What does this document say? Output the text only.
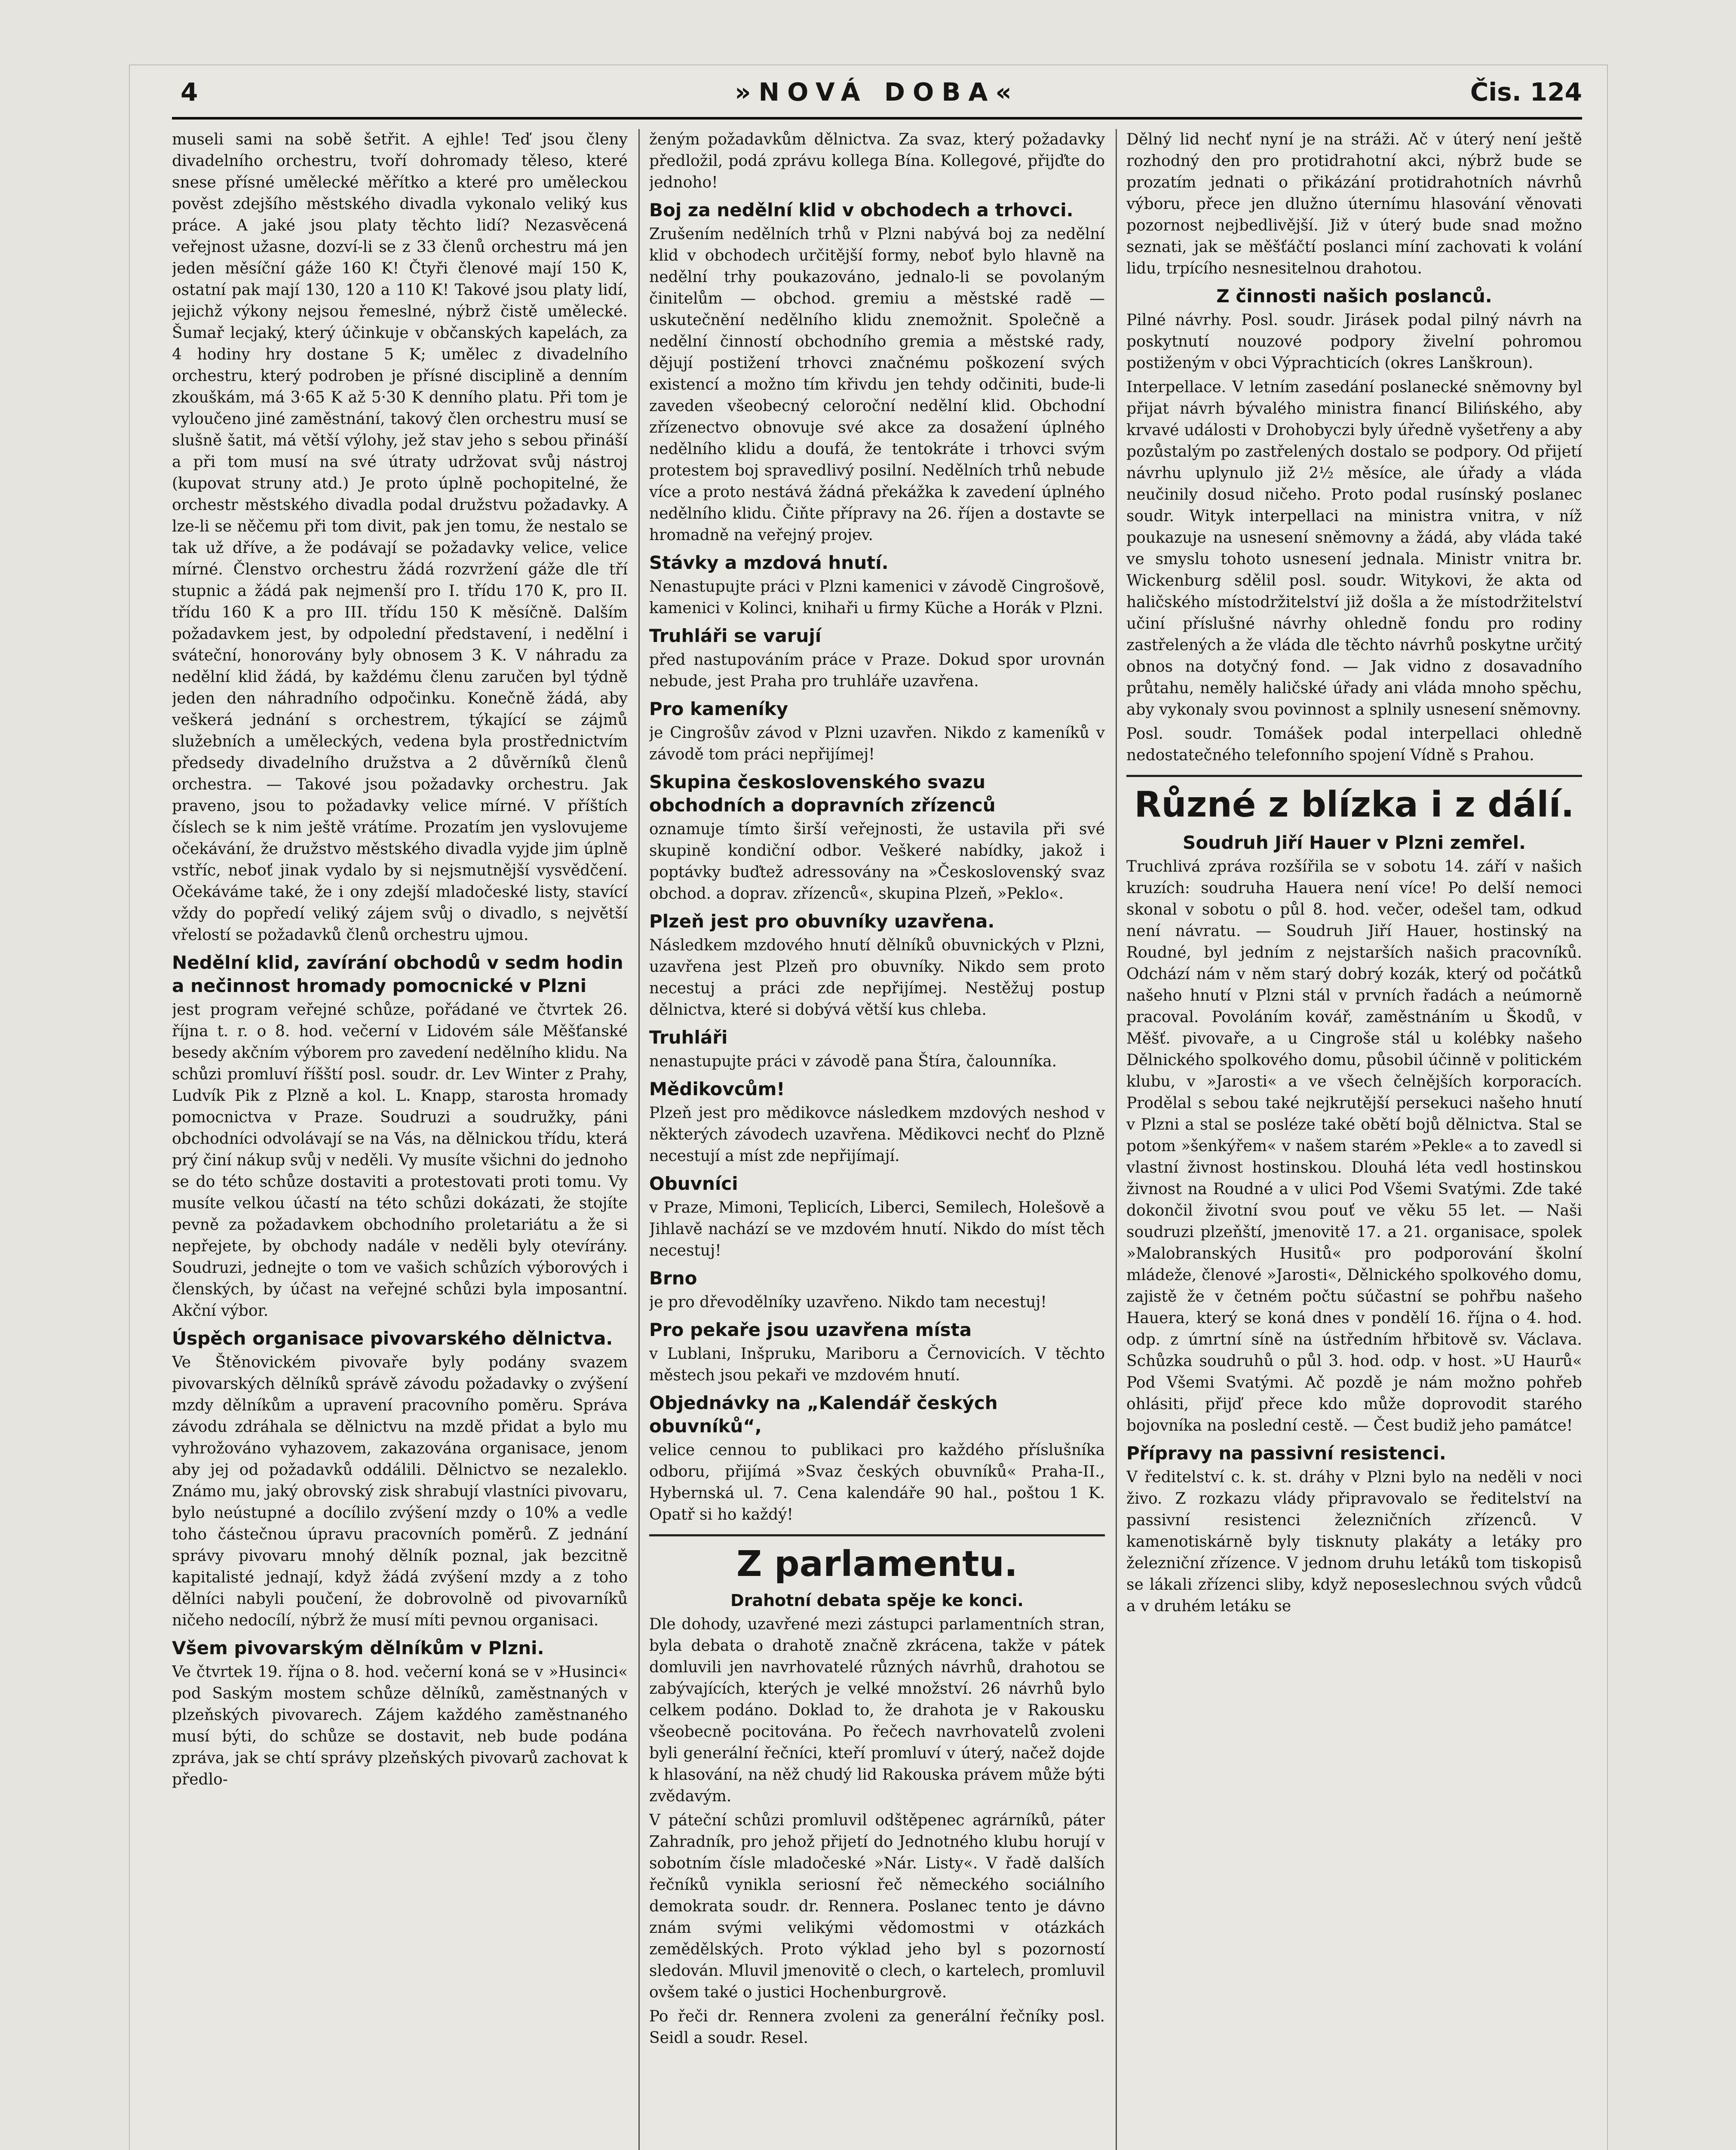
4	»NOVÁ DOBA«	Čis. 124

museli sami na sobě šetřit. A ejhle! Teď jsou členy divadelního orchestru, tvoří dohromady těleso, které snese přísné umělecké měřítko a které pro uměleckou pověst zdejšího městského divadla vykonalo veliký kus práce. A jaké jsou platy těchto lidí? Nezasvěcená veřejnost užasne, dozví-li se z 33 členů orchestru má jen jeden měsíční gáže 160 K! Čtyři členové mají 150 K, ostatní pak mají 130, 120 a 110 K! Takové jsou platy lidí, jejichž výkony nejsou řemeslné, nýbrž čistě umělecké. Šumař lecjaký, který účinkuje v občanských kapelách, za 4 hodiny hry dostane 5 K; umělec z divadelního orchestru, který podroben je přísné disciplině a denním zkouškám, má 3·65 K až 5·30 K denního platu. Při tom je vyloučeno jiné zaměstnání, takový člen orchestru musí se slušně šatit, má větší výlohy, jež stav jeho s sebou přináší a při tom musí na své útraty udržovat svůj nástroj (kupovat struny atd.) Je proto úplně pochopitelné, že orchestr městského divadla podal družstvu požadavky. A lze-li se něčemu při tom divit, pak jen tomu, že nestalo se tak už dříve, a že podávají se požadavky velice, velice mírné. Členstvo orchestru žádá rozvržení gáže dle tří stupnic a žádá pak nejmenší pro I. třídu 170 K, pro II. třídu 160 K a pro III. třídu 150 K měsíčně. Dalším požadavkem jest, by odpolední představení, i nedělní i sváteční, honorovány byly obnosem 3 K. V náhradu za nedělní klid žádá, by každému členu zaručen byl týdně jeden den náhradního odpočinku. Konečně žádá, aby veškerá jednání s orchestrem, týkající se zájmů služebních a uměleckých, vedena byla prostřednictvím předsedy divadelního družstva a 2 důvěrníků členů orchestra. — Takové jsou požadavky orchestru. Jak praveno, jsou to požadavky velice mírné. V příštích číslech se k nim ještě vrátíme. Prozatím jen vyslovujeme očekávání, že družstvo městského divadla vyjde jim úplně vstříc, neboť jinak vydalo by si nejsmutnější vysvědčení. Očekáváme také, že i ony zdejší mladočeské listy, stavící vždy do popředí veliký zájem svůj o divadlo, s největší vřelostí se požadavků členů orchestru ujmou.

Nedělní klid, zavírání obchodů v sedm hodin a nečinnost hromady pomocnické v Plzni

jest program veřejné schůze, pořádané ve čtvrtek 26. října t. r. o 8. hod. večerní v Lidovém sále Měšťanské besedy akčním výborem pro zavedení nedělního klidu. Na schůzi promluví říšští posl. soudr. dr. Lev Winter z Prahy, Ludvík Pik z Plzně a kol. L. Knapp, starosta hromady pomocnictva v Praze. Soudruzi a soudružky, páni obchodníci odvolávají se na Vás, na dělnickou třídu, která prý činí nákup svůj v neděli. Vy musíte všichni do jednoho se do této schůze dostaviti a protestovati proti tomu. Vy musíte velkou účastí na této schůzi dokázati, že stojíte pevně za požadavkem obchodního proletariátu a že si nepřejete, by obchody nadále v neděli byly otevírány. Soudruzi, jednejte o tom ve vašich schůzích výborových i členských, by účast na veřejné schůzi byla imposantní. Akční výbor.

Úspěch organisace pivovarského dělnictva.

Ve Štěnovickém pivovaře byly podány svazem pivovarských dělníků správě závodu požadavky o zvýšení mzdy dělníkům a upravení pracovního poměru. Správa závodu zdráhala se dělnictvu na mzdě přidat a bylo mu vyhrožováno vyhazovem, zakazována organisace, jenom aby jej od požadavků oddálili. Dělnictvo se nezaleklo. Známo mu, jaký obrovský zisk shrabují vlastníci pivovaru, bylo neústupné a docílilo zvýšení mzdy o 10% a vedle toho částečnou úpravu pracovních poměrů. Z jednání správy pivovaru mnohý dělník poznal, jak bezcitně kapitalisté jednají, když žádá zvýšení mzdy a z toho dělníci nabyli poučení, že dobrovolně od pivovarníků ničeho nedocílí, nýbrž že musí míti pevnou organisaci.

Všem pivovarským dělníkům v Plzni.

Ve čtvrtek 19. října o 8. hod. večerní koná se v »Husinci« pod Saským mostem schůze dělníků, zaměstnaných v plzeňských pivovarech. Zájem každého zaměstnaného musí býti, do schůze se dostavit, neb bude podána zpráva, jak se chtí správy plzeňských pivovarů zachovat k předlo-

ženým požadavkům dělnictva. Za svaz, který požadavky předložil, podá zprávu kollega Bína. Kollegové, přijďte do jednoho!

Boj za nedělní klid v obchodech a trhovci.

Zrušením nedělních trhů v Plzni nabývá boj za nedělní klid v obchodech určitější formy, neboť bylo hlavně na nedělní trhy poukazováno, jednalo-li se povolaným činitelům — obchod. gremiu a městské radě — uskutečnění nedělního klidu znemožnit. Společně a nedělní činností obchodního gremia a městské rady, dějují postižení trhovci značnému poškození svých existencí a možno tím křivdu jen tehdy odčiniti, bude-li zaveden všeobecný celoroční nedělní klid. Obchodní zřízenectvo obnovuje své akce za dosažení úplného nedělního klidu a doufá, že tentokráte i trhovci svým protestem boj spravedlivý posilní. Nedělních trhů nebude více a proto nestává žádná překážka k zavedení úplného nedělního klidu. Čiňte přípravy na 26. říjen a dostavte se hromadně na veřejný projev.

Stávky a mzdová hnutí.

Nenastupujte práci v Plzni kamenici v závodě Cingrošově, kamenici v Kolinci, knihaři u firmy Küche a Horák v Plzni.

Truhláři se varují

před nastupováním práce v Praze. Dokud spor urovnán nebude, jest Praha pro truhláře uzavřena.

Pro kameníky

je Cingrošův závod v Plzni uzavřen. Nikdo z kameníků v závodě tom práci nepřijímej!

Skupina československého svazu obchodních a dopravních zřízenců

oznamuje tímto širší veřejnosti, že ustavila při své skupině kondiční odbor. Veškeré nabídky, jakož i poptávky buďtež adressovány na »Československý svaz obchod. a doprav. zřízenců«, skupina Plzeň, »Peklo«.

Plzeň jest pro obuvníky uzavřena.

Následkem mzdového hnutí dělníků obuvnických v Plzni, uzavřena jest Plzeň pro obuvníky. Nikdo sem proto necestuj a práci zde nepřijímej. Nestěžuj postup dělnictva, které si dobývá větší kus chleba.

Truhláři

nenastupujte práci v závodě pana Štíra, čalounníka.

Mědikovcům!

Plzeň jest pro mědikovce následkem mzdových neshod v některých závodech uzavřena. Mědikovci nechť do Plzně necestují a míst zde nepřijímají.

Obuvníci

v Praze, Mimoni, Teplicích, Liberci, Semilech, Holešově a Jihlavě nachází se ve mzdovém hnutí. Nikdo do míst těch necestuj!

Brno

je pro dřevodělníky uzavřeno. Nikdo tam necestuj!

Pro pekaře jsou uzavřena místa

v Lublani, Inšpruku, Mariboru a Černovicích. V těchto městech jsou pekaři ve mzdovém hnutí.

Objednávky na „Kalendář českých obuvníků“,

velice cennou to publikaci pro každého příslušníka odboru, přijímá »Svaz českých obuvníků« Praha-II., Hybernská ul. 7. Cena kalendáře 90 hal., poštou 1 K. Opatř si ho každý!

Z parlamentu.
Drahotní debata spěje ke konci.

Dle dohody, uzavřené mezi zástupci parlamentních stran, byla debata o drahotě značně zkrácena, takže v pátek domluvili jen navrhovatelé různých návrhů, drahotou se zabývajících, kterých je velké množství. 26 návrhů bylo celkem podáno. Doklad to, že drahota je v Rakousku všeobecně pocitována. Po řečech navrhovatelů zvoleni byli generální řečníci, kteří promluví v úterý, načež dojde k hlasování, na něž chudý lid Rakouska právem může býti zvědavým.

V páteční schůzi promluvil odštěpenec agrárníků, páter Zahradník, pro jehož přijetí do Jednotného klubu horují v sobotním čísle mladočeské »Nár. Listy«. V řadě dalších řečníků vynikla seriosní řeč německého sociálního demokrata soudr. dr. Rennera. Poslanec tento je dávno znám svými velikými vědomostmi v otázkách zemědělských. Proto výklad jeho byl s pozorností sledován. Mluvil jmenovitě o clech, o kartelech, promluvil ovšem také o justici Hochenburgrově.

Po řeči dr. Rennera zvoleni za generální řečníky posl. Seidl a soudr. Resel.

Dělný lid nechť nyní je na stráži. Ač v úterý není ještě rozhodný den pro protidrahotní akci, nýbrž bude se prozatím jednati o přikázání protidrahotních návrhů výboru, přece jen dlužno úternímu hlasování věnovati pozornost nejbedlivější. Již v úterý bude snad možno seznati, jak se měšťáčtí poslanci míní zachovati k volání lidu, trpícího nesnesitelnou drahotou.

Z činnosti našich poslanců.

Pilné návrhy. Posl. soudr. Jirásek podal pilný návrh na poskytnutí nouzové podpory živelní pohromou postiženým v obci Výprachticích (okres Lanškroun).

Interpellace. V letním zasedání poslanecké sněmovny byl přijat návrh bývalého ministra financí Bilińského, aby krvavé události v Drohobyczi byly úředně vyšetřeny a aby pozůstalým po zastřelených dostalo se podpory. Od přijetí návrhu uplynulo již 2½ měsíce, ale úřady a vláda neučinily dosud ničeho. Proto podal rusínský poslanec soudr. Wityk interpellaci na ministra vnitra, v níž poukazuje na usnesení sněmovny a žádá, aby vláda také ve smyslu tohoto usnesení jednala. Ministr vnitra br. Wickenburg sdělil posl. soudr. Witykovi, že akta od haličského místodržitelství již došla a že místodržitelství učiní příslušné návrhy ohledně fondu pro rodiny zastřelených a že vláda dle těchto návrhů poskytne určitý obnos na dotyčný fond. — Jak vidno z dosavadního průtahu, neměly haličské úřady ani vláda mnoho spěchu, aby vykonaly svou povinnost a splnily usnesení sněmovny.

Posl. soudr. Tomášek podal interpellaci ohledně nedostatečného telefonního spojení Vídně s Prahou.

Různé z blízka i z dálí.
Soudruh Jiří Hauer v Plzni zemřel.

Truchlivá zpráva rozšířila se v sobotu 14. září v našich kruzích: soudruha Hauera není více! Po delší nemoci skonal v sobotu o půl 8. hod. večer, odešel tam, odkud není návratu. — Soudruh Jiří Hauer, hostinský na Roudné, byl jedním z nejstarších našich pracovníků. Odchází nám v něm starý dobrý kozák, který od počátků našeho hnutí v Plzni stál v prvních řadách a neúmorně pracoval. Povoláním kovář, zaměstnáním u Škodů, v Měšť. pivovaře, a u Cingroše stál u kolébky našeho Dělnického spolkového domu, působil účinně v politickém klubu, v »Jarosti« a ve všech čelnějších korporacích. Prodělal s sebou také nejkrutější persekuci našeho hnutí v Plzni a stal se posléze také obětí bojů dělnictva. Stal se potom »šenkýřem« v našem starém »Pekle« a to zavedl si vlastní živnost hostinskou. Dlouhá léta vedl hostinskou živnost na Roudné a v ulici Pod Všemi Svatými. Zde také dokončil životní svou pouť ve věku 55 let. — Naši soudruzi plzeňští, jmenovitě 17. a 21. organisace, spolek »Malobranských Husitů« pro podporování školní mládeže, členové »Jarosti«, Dělnického spolkového domu, zajistě že v četném počtu súčastní se pohřbu našeho Hauera, který se koná dnes v pondělí 16. října o 4. hod. odp. z úmrtní síně na ústředním hřbitově sv. Václava. Schůzka soudruhů o půl 3. hod. odp. v host. »U Haurů« Pod Všemi Svatými. Ač pozdě je nám možno pohřeb ohlásiti, přijď přece kdo může doprovodit starého bojovníka na poslední cestě. — Čest budiž jeho památce!

Přípravy na passivní resistenci.

V ředitelství c. k. st. dráhy v Plzni bylo na neděli v noci živo. Z rozkazu vlády připravovalo se ředitelství na passivní resistenci železničních zřízenců. V kamenotiskárně byly tisknuty plakáty a letáky pro železniční zřízence. V jednom druhu letáků tom tiskopisů se lákali zřízenci sliby, když neposeslechnou svých vůdců a v druhém letáku se
